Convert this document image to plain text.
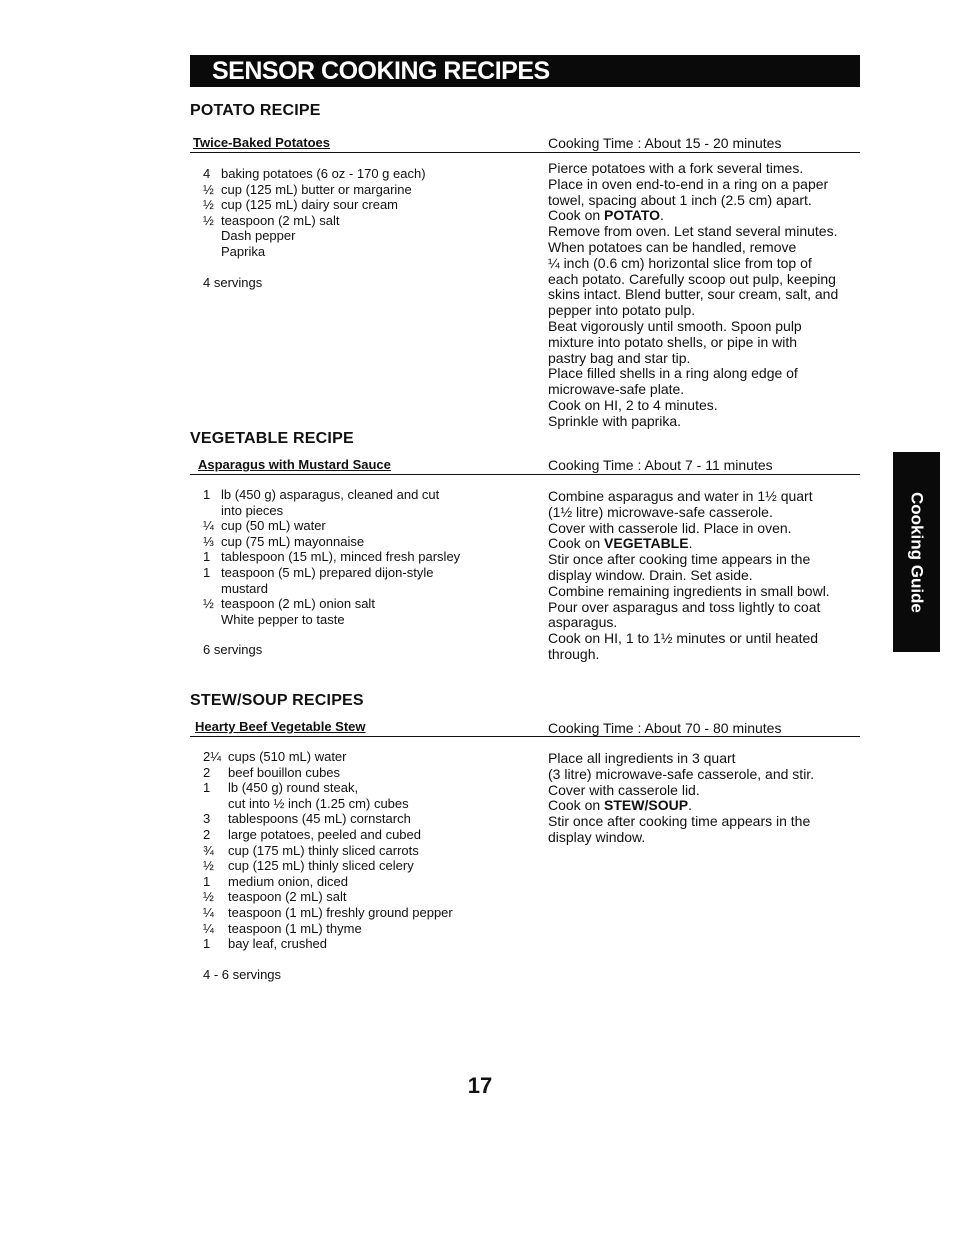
SENSOR COOKING RECIPES
POTATO RECIPE
Twice-Baked Potatoes	Cooking Time : About 15 - 20 minutes
4 baking potatoes (6 oz - 170 g each)
½ cup (125 mL) butter or margarine
½ cup (125 mL) dairy sour cream
½ teaspoon (2 mL) salt
Dash pepper
Paprika
4 servings
Pierce potatoes with a fork several times.
Place in oven end-to-end in a ring on a paper
towel, spacing about 1 inch (2.5 cm) apart.
Cook on POTATO.
Remove from oven. Let stand several minutes.
When potatoes can be handled, remove
¼ inch (0.6 cm) horizontal slice from top of
each potato. Carefully scoop out pulp, keeping
skins intact. Blend butter, sour cream, salt, and
pepper into potato pulp.
Beat vigorously until smooth. Spoon pulp
mixture into potato shells, or pipe in with
pastry bag and star tip.
Place filled shells in a ring along edge of
microwave-safe plate.
Cook on HI, 2 to 4 minutes.
Sprinkle with paprika.
VEGETABLE RECIPE
Asparagus with Mustard Sauce	Cooking Time : About 7 - 11 minutes
1 lb (450 g) asparagus, cleaned and cut
into pieces
¼ cup (50 mL) water
⅓ cup (75 mL) mayonnaise
1 tablespoon (15 mL), minced fresh parsley
1 teaspoon (5 mL) prepared dijon-style
mustard
½ teaspoon (2 mL) onion salt
White pepper to taste
6 servings
Combine asparagus and water in 1½ quart
(1½ litre) microwave-safe casserole.
Cover with casserole lid. Place in oven.
Cook on VEGETABLE.
Stir once after cooking time appears in the
display window. Drain. Set aside.
Combine remaining ingredients in small bowl.
Pour over asparagus and toss lightly to coat
asparagus.
Cook on HI, 1 to 1½ minutes or until heated
through.
STEW/SOUP RECIPES
Hearty Beef Vegetable Stew	Cooking Time : About 70 - 80 minutes
2¼ cups (510 mL) water
2	beef bouillon cubes
1	lb (450 g) round steak,
cut into ½ inch (1.25 cm) cubes
3	tablespoons (45 mL) cornstarch
2	large potatoes, peeled and cubed
¾	cup (175 mL) thinly sliced carrots
½	cup (125 mL) thinly sliced celery
1	medium onion, diced
½	teaspoon (2 mL) salt
¼	teaspoon (1 mL) freshly ground pepper
¼	teaspoon (1 mL) thyme
1	bay leaf, crushed
4 - 6 servings
Place all ingredients in 3 quart
(3 litre) microwave-safe casserole, and stir.
Cover with casserole lid.
Cook on STEW/SOUP.
Stir once after cooking time appears in the
display window.
Cooking Guide
17
